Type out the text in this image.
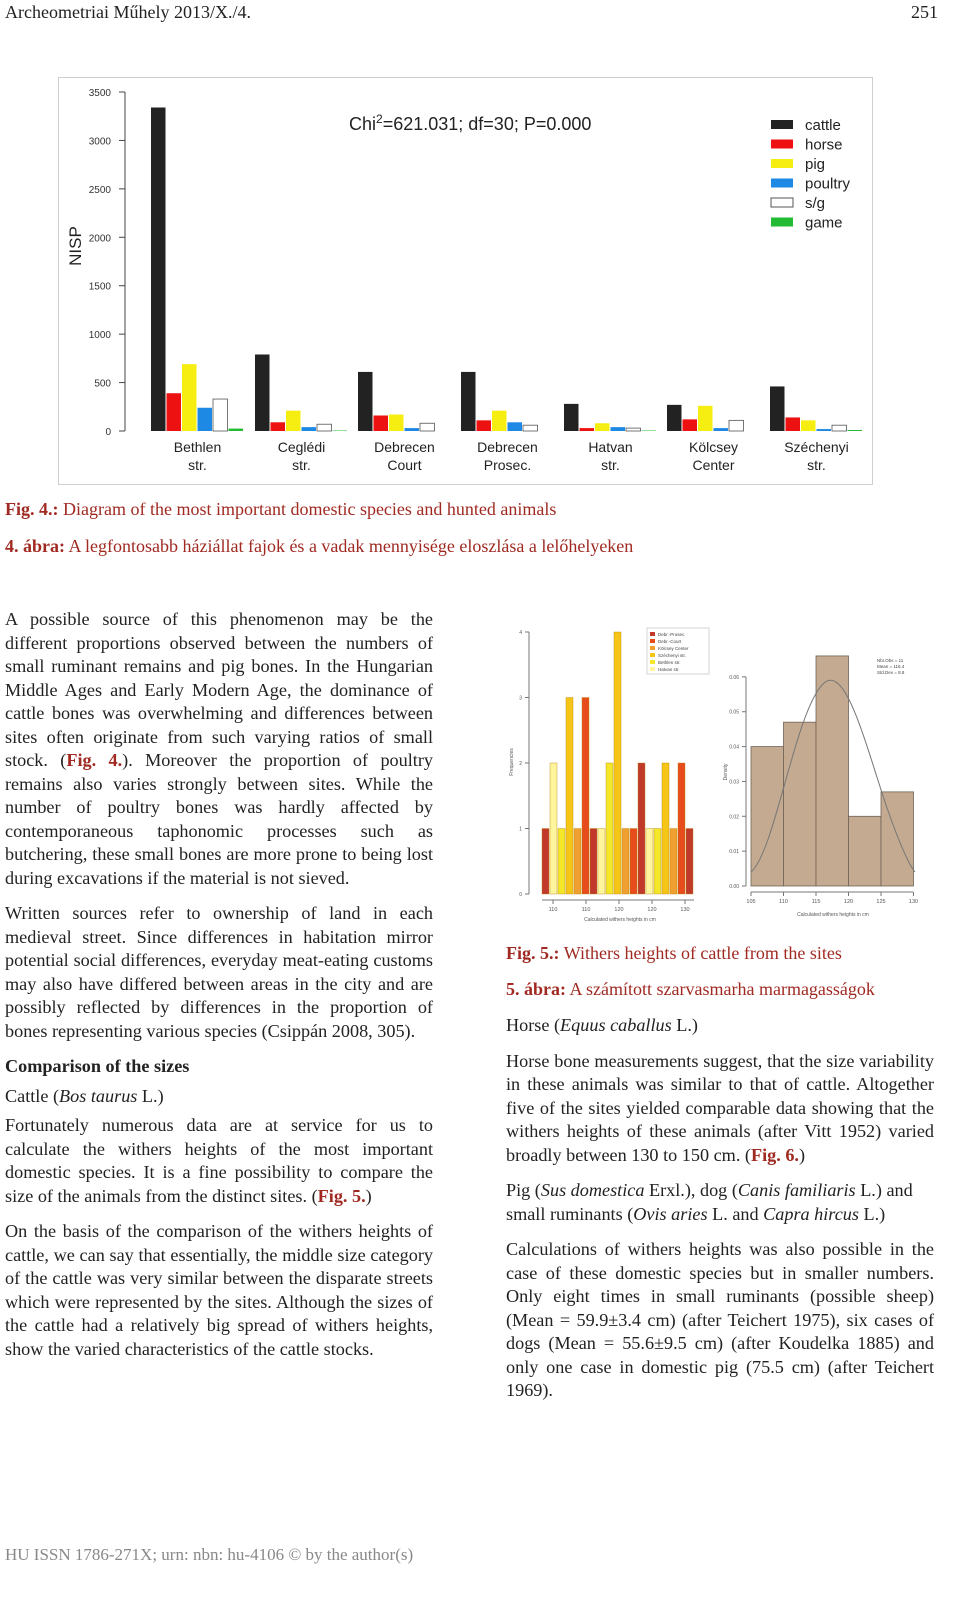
Archeometriai Műhely 2013/X./4.	251
0
500
1000
1500
2000
2500
3000
3500
NISP
Chi$^2$=621.031; df=30; P=0.000
Bethlen
str.
Ceglédi
str.
Debrecen
Court
Debrecen
Prosec.
Hatvan
str.
Kölcsey
Center
Széchenyi
str.
cattle
horse
pig
poultry
s/g
game
Fig. 4.: Diagram of the most important domestic species and hunted animals
4. ábra: A legfontosabb háziállat fajok és a vadak mennyisége eloszlása a lelőhelyeken

A possible source of this phenomenon may be the different proportions observed between the numbers of small ruminant remains and pig bones. In the Hungarian Middle Ages and Early Modern Age, the dominance of cattle bones was overwhelming and differences between sites often originate from such varying ratios of small stock. (Fig. 4.). Moreover the proportion of poultry remains also varies strongly between sites. While the number of poultry bones was hardly affected by contemporaneous taphonomic processes such as butchering, these small bones are more prone to being lost during excavations if the material is not sieved.

Written sources refer to ownership of land in each medieval street. Since differences in habitation mirror potential social differences, everyday meat-eating customs may also have differed between areas in the city and are possibly reflected by differences in the proportion of bones representing various species (Csippán 2008, 305).

Comparison of the sizes

Cattle (Bos taurus L.)

Fortunately numerous data are at service for us to calculate the withers heights of the most important domestic species. It is a fine possibility to compare the size of the animals from the distinct sites. (Fig. 5.)

On the basis of the comparison of the withers heights of cattle, we can say that essentially, the middle size category of the cattle was very similar between the disparate streets which were represented by the sites. Although the sizes of the cattle had a relatively big spread of withers heights, show the varied characteristics of the cattle stocks.

0
1
2
3
4
Frequencies
110	110	120	120	130
Calculated withers heights in cm
Debr.-Prosec.
Debr.-Court
Kölcsey Center
Széchenyi str.
Bethlen str.
Hatvan str.
0.00
0.01
0.02
0.03
0.04
0.05
0.06
Density
105	110	115	120	125	130
Calculated withers heights in cm
Nbr.Obs = 11
Mean = 116.4
Std.Dev = 8.8
Fig. 5.: Withers heights of cattle from the sites
5. ábra: A számított szarvasmarha marmagasságok

Horse (Equus caballus L.)

Horse bone measurements suggest, that the size variability in these animals was similar to that of cattle. Altogether five of the sites yielded comparable data showing that the withers heights of these animals (after Vitt 1952) varied broadly between 130 to 150 cm. (Fig. 6.)

Pig (Sus domestica Erxl.), dog (Canis familiaris L.) and small ruminants (Ovis aries L. and Capra hircus L.)

Calculations of withers heights was also possible in the case of these domestic species but in smaller numbers. Only eight times in small ruminants (possible sheep) (Mean = 59.9±3.4 cm) (after Teichert 1975), six cases of dogs (Mean = 55.6±9.5 cm) (after Koudelka 1885) and only one case in domestic pig (75.5 cm) (after Teichert 1969).

HU ISSN 1786-271X; urn: nbn: hu-4106 © by the author(s)
